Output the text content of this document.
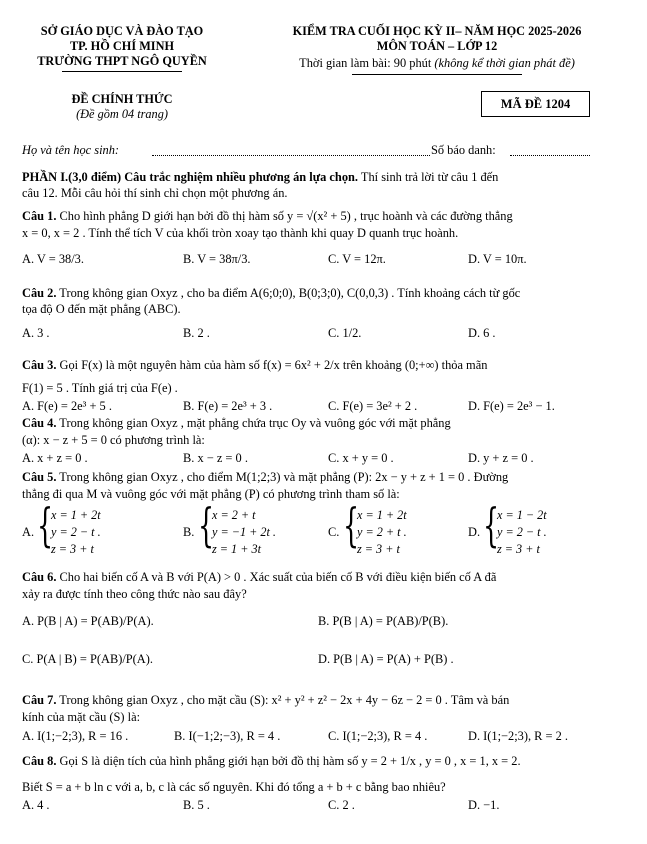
SỞ GIÁO DỤC VÀ ĐÀO TẠO
TP. HỒ CHÍ MINH
TRƯỜNG THPT NGÔ QUYỀN
KIỂM TRA CUỐI HỌC KỲ II– NĂM HỌC 2025-2026
MÔN TOÁN – LỚP 12
Thời gian làm bài: 90 phút (không kể thời gian phát đề)
ĐỀ CHÍNH THỨC
(Đề gồm 04 trang)
MÃ ĐỀ 1204
Họ và tên học sinh:	Số báo danh:
PHẦN I.(3,0 điểm) Câu trắc nghiệm nhiều phương án lựa chọn. Thí sinh trả lời từ câu 1 đến
câu 12. Mỗi câu hỏi thí sinh chỉ chọn một phương án.
Câu 1. Cho hình phẳng D giới hạn bởi đồ thị hàm số y = √(x² + 5) , trục hoành và các đường thẳng
x = 0, x = 2 . Tính thể tích V của khối tròn xoay tạo thành khi quay D quanh trục hoành.
A. V = 38/3.	B. V = 38π/3.	C. V = 12π.	D. V = 10π.
Câu 2. Trong không gian Oxyz , cho ba điểm A(6;0;0), B(0;3;0), C(0,0,3) . Tính khoảng cách từ gốc
tọa độ O đến mặt phẳng (ABC).
A. 3 .	B. 2 .	C. 1/2.	D. 6 .
Câu 3. Gọi F(x) là một nguyên hàm của hàm số f(x) = 6x² + 2/x trên khoảng (0;+∞) thỏa mãn
F(1) = 5 . Tính giá trị của F(e) .
A. F(e) = 2e³ + 5 .	B. F(e) = 2e³ + 3 .	C. F(e) = 3e² + 2 .	D. F(e) = 2e³ − 1.
Câu 4. Trong không gian Oxyz , mặt phẳng chứa trục Oy và vuông góc với mặt phẳng
(α): x − z + 5 = 0 có phương trình là:
A. x + z = 0 .	B. x − z = 0 .	C. x + y = 0 .	D. y + z = 0 .
Câu 5. Trong không gian Oxyz , cho điểm M(1;2;3) và mặt phẳng (P): 2x − y + z + 1 = 0 . Đường
thẳng đi qua M và vuông góc với mặt phẳng (P) có phương trình tham số là:
A. {
x = 1 + 2t
y = 2 − t .
z = 3 + t
B. {
x = 2 + t
y = −1 + 2t .
z = 1 + 3t
C. {
x = 1 + 2t
y = 2 + t .
z = 3 + t
D. {
x = 1 − 2t
y = 2 − t .
z = 3 + t
Câu 6. Cho hai biến cố A và B với P(A) > 0 . Xác suất của biến cố B với điều kiện biến cố A đã
xảy ra được tính theo công thức nào sau đây?
A. P(B | A) = P(AB)/P(A).	B. P(B | A) = P(AB)/P(B).
C. P(A | B) = P(AB)/P(A).	D. P(B | A) = P(A) + P(B) .
Câu 7. Trong không gian Oxyz , cho mặt cầu (S): x² + y² + z² − 2x + 4y − 6z − 2 = 0 . Tâm và bán
kính của mặt cầu (S) là:
A. I(1;−2;3), R = 16 .	B. I(−1;2;−3), R = 4 .	C. I(1;−2;3), R = 4 .	D. I(1;−2;3), R = 2 .
Câu 8. Gọi S là diện tích của hình phẳng giới hạn bởi đồ thị hàm số y = 2 + 1/x , y = 0 , x = 1, x = 2.
Biết S = a + b ln c với a, b, c là các số nguyên. Khi đó tổng a + b + c bằng bao nhiêu?
A. 4 .	B. 5 .	C. 2 .	D. −1.
